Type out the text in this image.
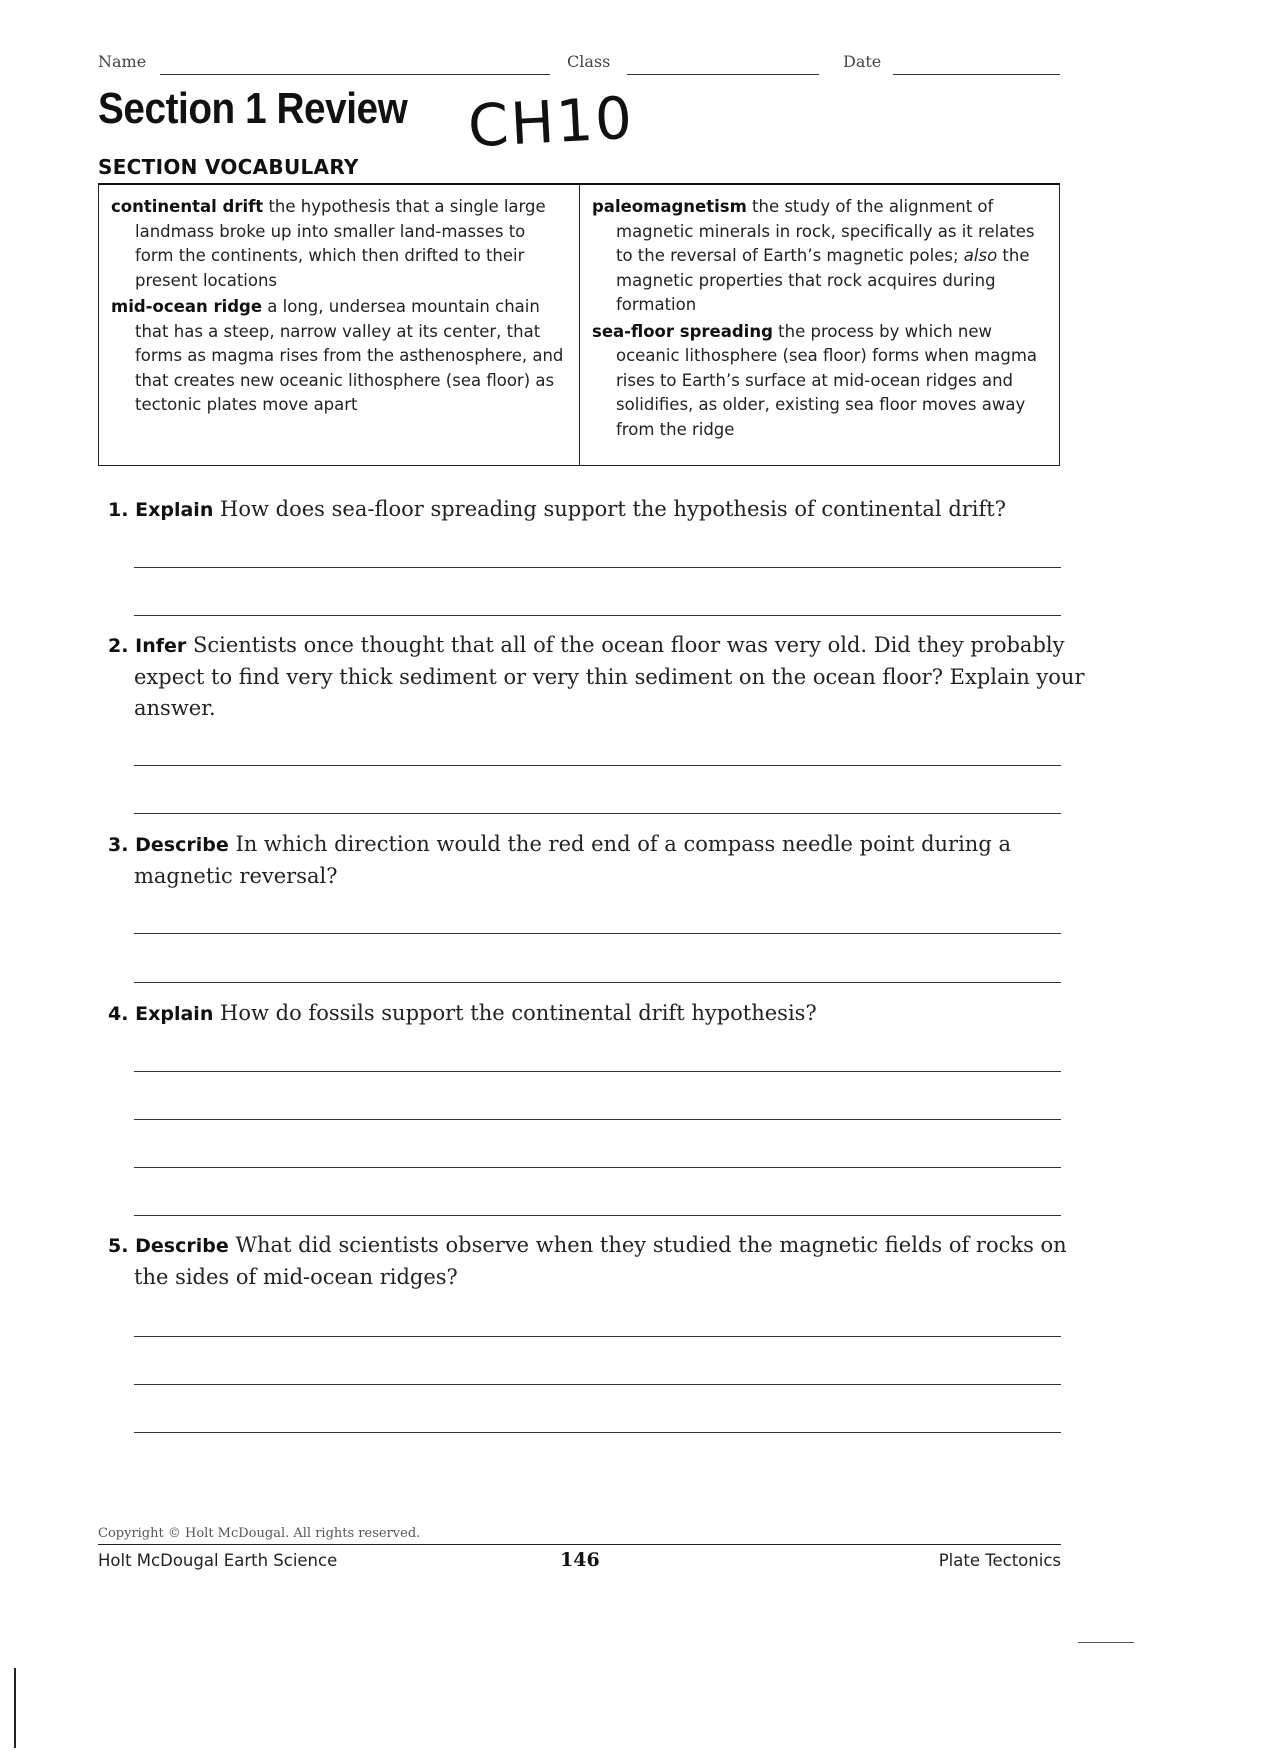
Name	Class	Date
Section 1 Review CH10
SECTION VOCABULARY

continental drift the hypothesis that a single large landmass broke up into smaller land-masses to form the continents, which then drifted to their present locations

mid-ocean ridge a long, undersea mountain chain that has a steep, narrow valley at its center, that forms as magma rises from the asthenosphere, and that creates new oceanic lithosphere (sea floor) as tectonic plates move apart

paleomagnetism the study of the alignment of magnetic minerals in rock, specifically as it relates to the reversal of Earth’s magnetic poles; also the magnetic properties that rock acquires during formation

sea-floor spreading the process by which new oceanic lithosphere (sea floor) forms when magma rises to Earth’s surface at mid-ocean ridges and solidifies, as older, existing sea floor moves away from the ridge

1. Explain How does sea-floor spreading support the hypothesis of continental drift?
2. Infer Scientists once thought that all of the ocean floor was very old. Did they probably expect to find very thick sediment or very thin sediment on the ocean floor? Explain your answer.
3. Describe In which direction would the red end of a compass needle point during a magnetic reversal?
4. Explain How do fossils support the continental drift hypothesis?
5. Describe What did scientists observe when they studied the magnetic fields of rocks on the sides of mid-ocean ridges?
Copyright © Holt McDougal. All rights reserved.
Holt McDougal Earth Science	146	Plate Tectonics
